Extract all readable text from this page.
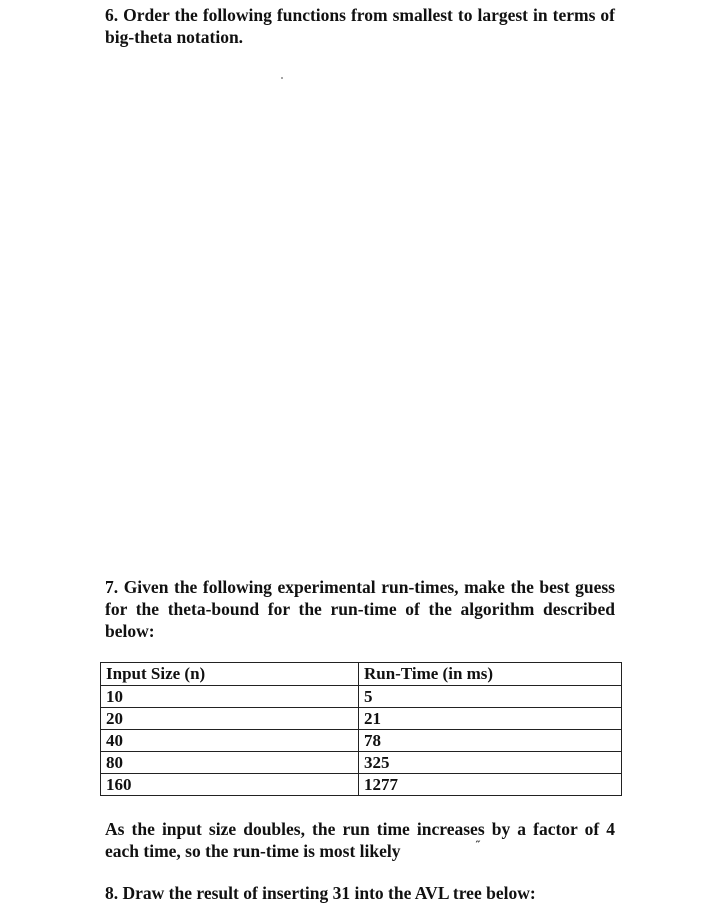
6. Order the following functions from smallest to largest in terms of big-theta notation.

7. Given the following experimental run-times, make the best guess for the theta-bound for the run-time of the algorithm described below:

Input Size (n)	Run-Time (in ms)
10	5
20	21
40	78
80	325
160	1277

As the input size doubles, the run time increases by a factor of 4 each time, so the run-time is most likely	˝

8. Draw the result of inserting 31 into the AVL tree below:
